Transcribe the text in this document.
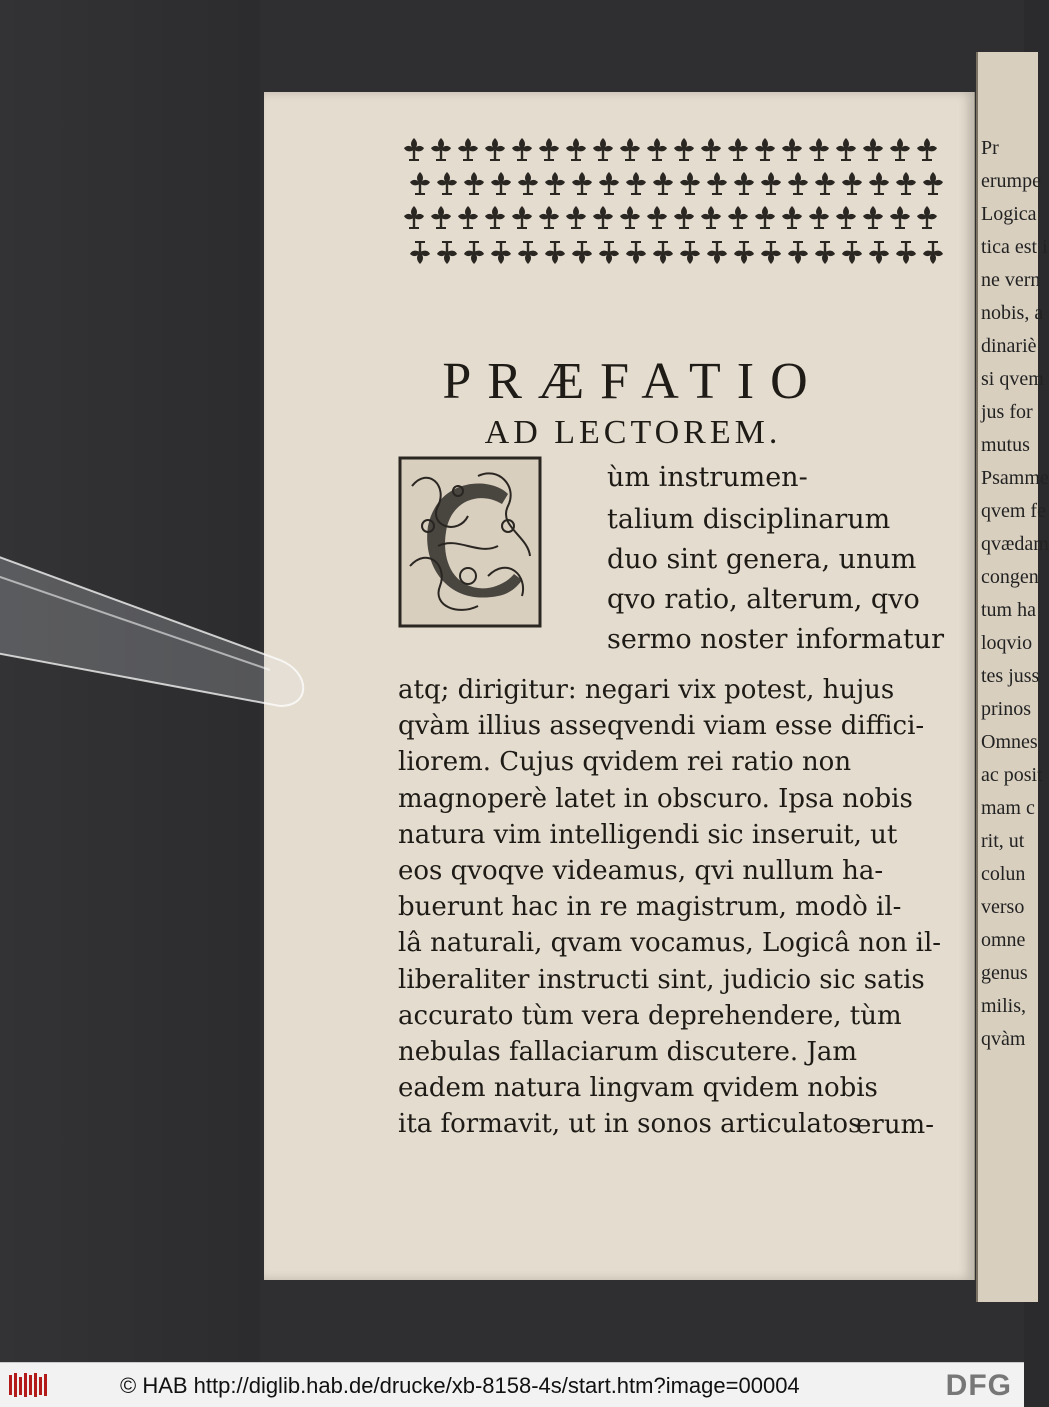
Pr
erumpe
Logica
tica est i
ne vern
nobis, a
dinariè
si qvem
jus for
mutus
Psamme
qvem fe
qvædam
congen
tum ha
loqvio
tes juss
prinos
Omnes
ac posit
mam c
rit, ut
colun
verso
omne
genus
milis,
qvàm
PRÆFATIO
AD LECTOREM.
ùm instrumen-
talium disciplinarum
duo sint genera, unum
qvo ratio, alterum, qvo
sermo noster informatur
atq; dirigitur: negari vix potest, hujus
qvàm illius asseqvendi viam esse diffici-
liorem. Cujus qvidem rei ratio non
magnoperè latet in obscuro. Ipsa nobis
natura vim intelligendi sic inseruit, ut
eos qvoqve videamus, qvi nullum ha-
buerunt hac in re magistrum, modò il-
lâ naturali, qvam vocamus, Logicâ non il-
liberaliter instructi sint, judicio sic satis
accurato tùm vera deprehendere, tùm
nebulas fallaciarum discutere. Jam
eadem natura lingvam qvidem nobis
ita formavit, ut in sonos articulatos
erum-
© HAB http://diglib.hab.de/drucke/xb-8158-4s/start.htm?image=00004	DFG
